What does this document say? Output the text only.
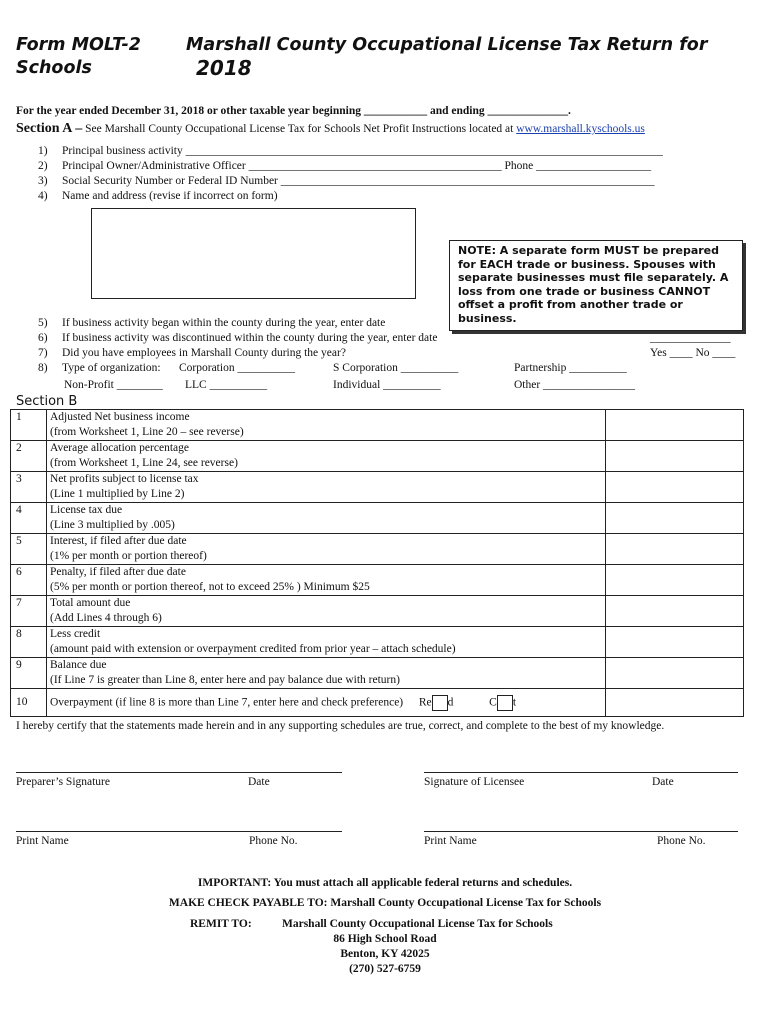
Form MOLT-2
Schools
Marshall County Occupational License Tax Return for
2018
For the year ended December 31, 2018 or other taxable year beginning ___________ and ending ______________.
Section A – See Marshall County Occupational License Tax for Schools Net Profit Instructions located at www.marshall.kyschools.us
1) Principal business activity ___________________________________________________________________________________
2) Principal Owner/Administrative Officer ____________________________________________ Phone ____________________
3) Social Security Number or Federal ID Number _________________________________________________________________
4) Name and address (revise if incorrect on form)
NOTE: A separate form MUST be prepared for EACH trade or business. Spouses with separate businesses must file separately. A loss from one trade or business CANNOT offset a profit from another trade or business.
5) If business activity began within the county during the year, enter date
6) If business activity was discontinued within the county during the year, enter date	______________
7) Did you have employees in Marshall County during the year?	Yes ____ No ____
8) Type of organization: Corporation __________	S Corporation __________	Partnership __________
Non-Profit ________ LLC __________	Individual __________	Other ________________
Section B
1	Adjusted Net business income
(from Worksheet 1, Line 20 – see reverse)	

2	Average allocation percentage
(from Worksheet 1, Line 24, see reverse)	

3	Net profits subject to license tax
(Line 1 multiplied by Line 2)	

4	License tax due
(Line 3 multiplied by .005)	

5	Interest, if filed after due date
(1% per month or portion thereof)	

6	Penalty, if filed after due date
(5% per month or portion thereof, not to exceed 25% ) Minimum $25	

7	Total amount due
(Add Lines 4 through 6)	

8	Less credit
(amount paid with extension or overpayment credited from prior year – attach schedule)	

9	Balance due
(If Line 7 is greater than Line 8, enter here and pay balance due with return)	

10	Overpayment (if line 8 is more than Line 7, enter here and check preference) Re d C t	
I hereby certify that the statements made herein and in any supporting schedules are true, correct, and complete to the best of my knowledge.
Preparer’s Signature	Date	Signature of Licensee	Date
Print Name	Phone No.	Print Name	Phone No.
IMPORTANT: You must attach all applicable federal returns and schedules.
MAKE CHECK PAYABLE TO: Marshall County Occupational License Tax for Schools
REMIT TO:	Marshall County Occupational License Tax for Schools
86 High School Road
Benton, KY 42025
(270) 527-6759
